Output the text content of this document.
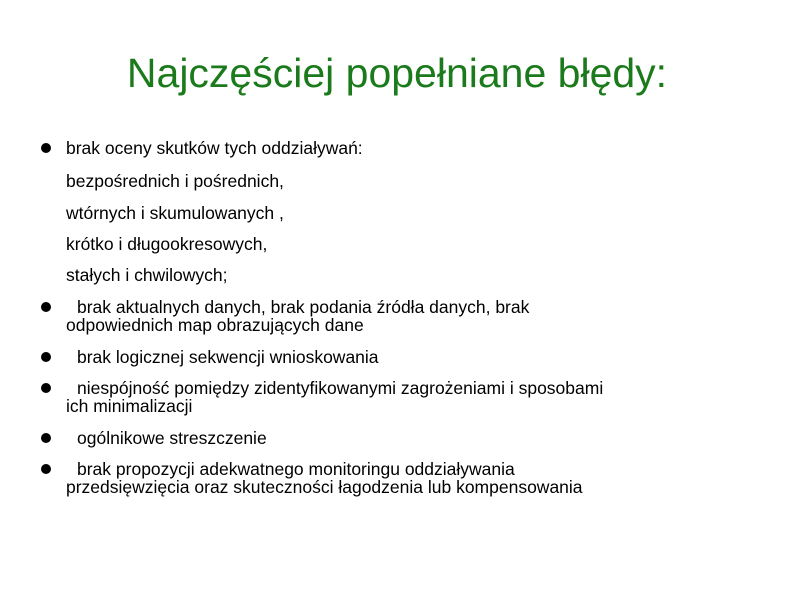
Najczęściej popełniane błędy:
brak oceny skutków tych oddziaływań:
bezpośrednich i pośrednich,
wtórnych i skumulowanych ,
krótko i długookresowych,
stałych i chwilowych;
brak aktualnych danych, brak podania źródła danych, brak
odpowiednich map obrazujących dane
brak logicznej sekwencji wnioskowania
niespójność pomiędzy zidentyfikowanymi zagrożeniami i sposobami
ich minimalizacji
ogólnikowe streszczenie
brak propozycji adekwatnego monitoringu oddziaływania
przedsięwzięcia oraz skuteczności łagodzenia lub kompensowania
